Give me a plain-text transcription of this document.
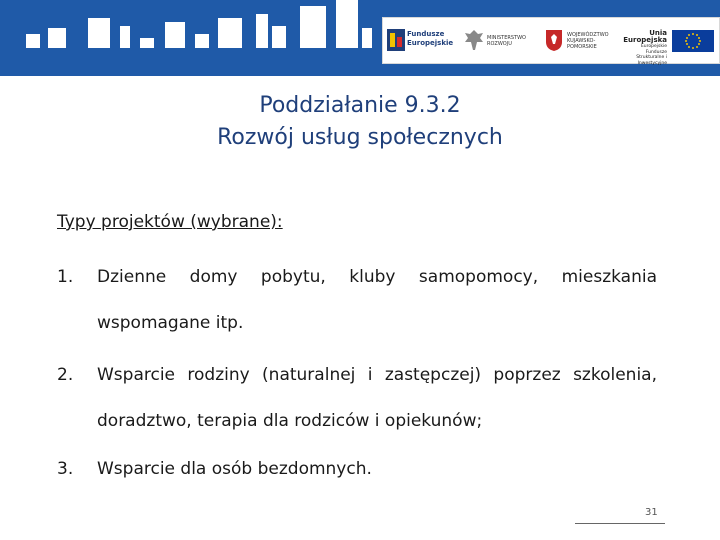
Fundusze Europejskie
MINISTERSTWO ROZWOJU
WOJEWÓDZTWO KUJAWSKO-POMORSKIE
Unia Europejska
Europejskie Fundusze Strukturalne i Inwestycyjne
Poddziałanie 9.3.2
Rozwój usług społecznych
Typy projektów (wybrane):
1. Dzienne domy pobytu, kluby samopomocy, mieszkania wspomagane itp.
2. Wsparcie rodziny (naturalnej i zastępczej) poprzez szkolenia, doradztwo, terapia dla rodziców i opiekunów;
3. Wsparcie dla osób bezdomnych.
31
